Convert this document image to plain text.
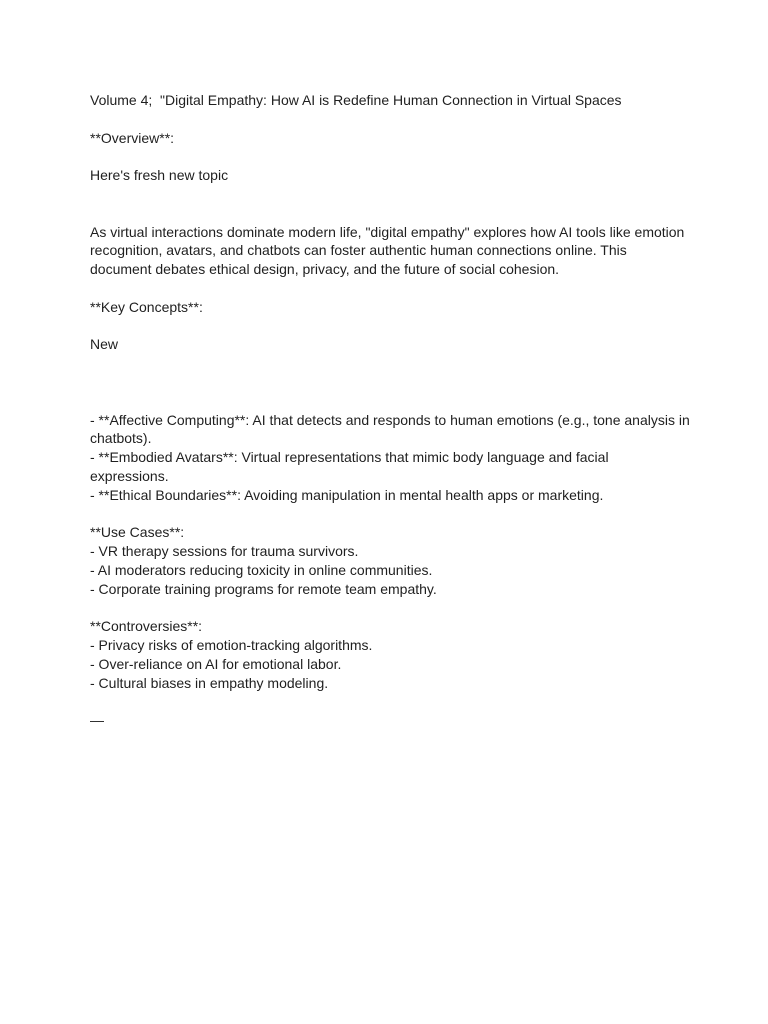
Volume 4;  "Digital Empathy: How AI is Redefine Human Connection in Virtual Spaces

**Overview**:

Here's fresh new topic

As virtual interactions dominate modern life, "digital empathy" explores how AI tools like emotion recognition, avatars, and chatbots can foster authentic human connections online. This document debates ethical design, privacy, and the future of social cohesion.

**Key Concepts**:

New

- **Affective Computing**: AI that detects and responds to human emotions (e.g., tone analysis in chatbots).

- **Embodied Avatars**: Virtual representations that mimic body language and facial expressions.

- **Ethical Boundaries**: Avoiding manipulation in mental health apps or marketing.

**Use Cases**:

- VR therapy sessions for trauma survivors.

- AI moderators reducing toxicity in online communities.

- Corporate training programs for remote team empathy.

**Controversies**:

- Privacy risks of emotion-tracking algorithms.

- Over-reliance on AI for emotional labor.

- Cultural biases in empathy modeling.

—
